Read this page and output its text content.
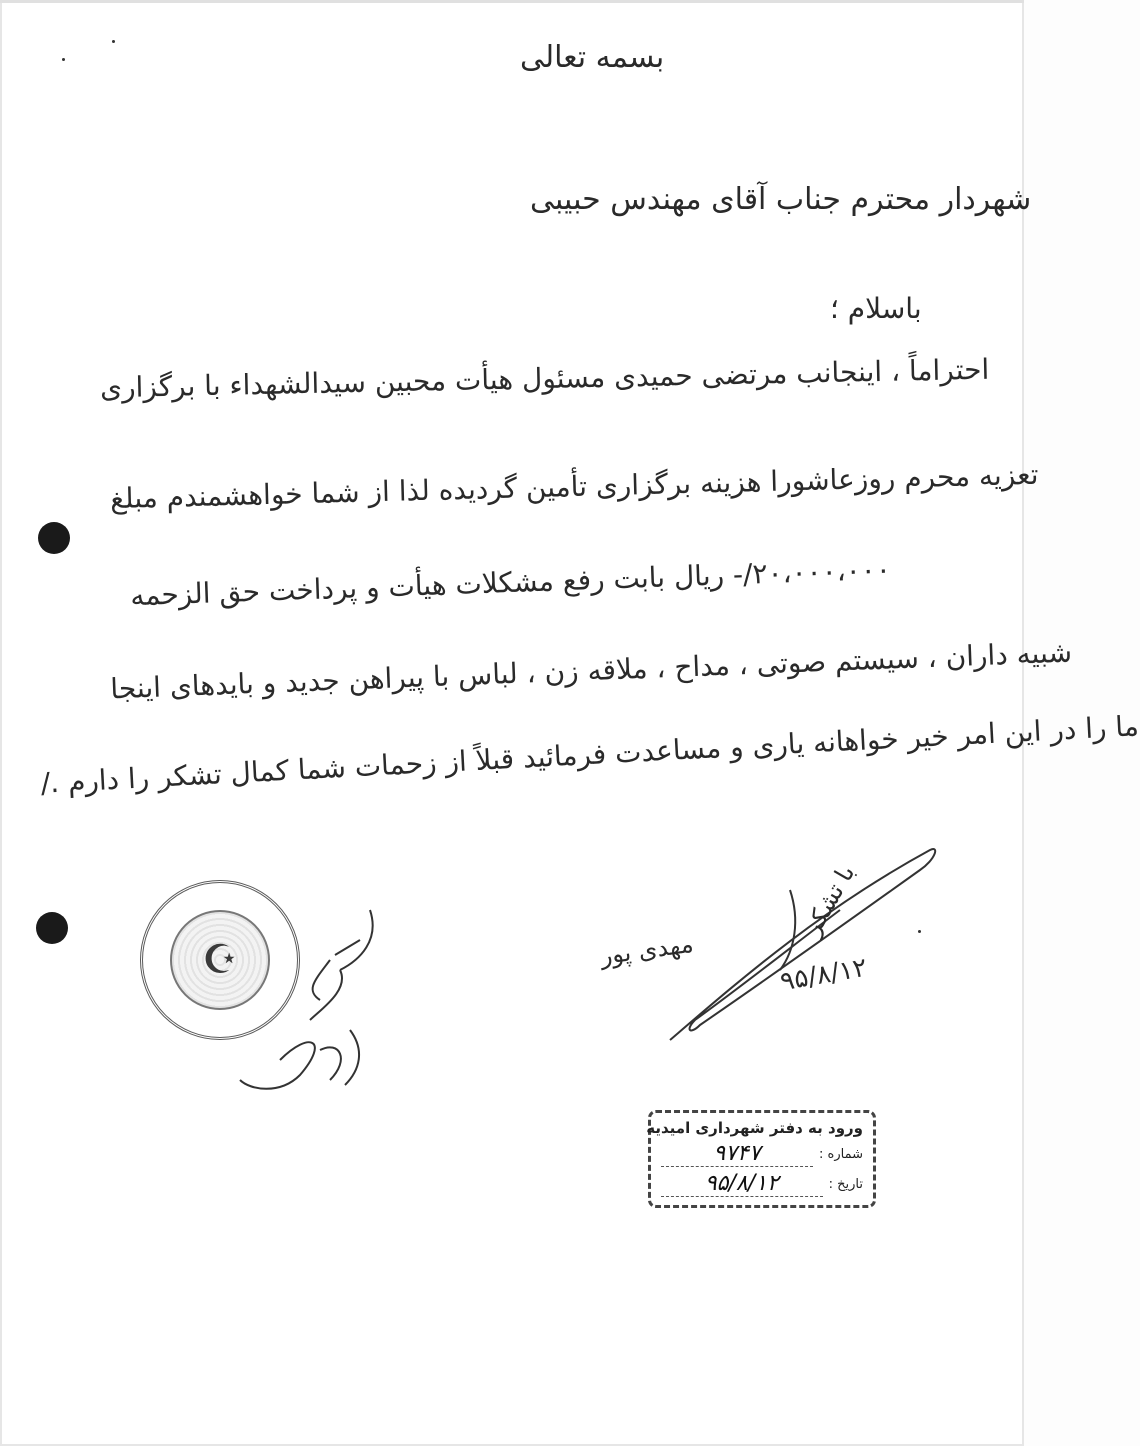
بسمه تعالی
شهردار محترم جناب آقای مهندس حبیبی
باسلام ؛
احتراماً ، اینجانب مرتضی حمیدی مسئول هیأت محبین سیدالشهداء با برگزاری
تعزیه محرم روزعاشورا هزینه برگزاری تأمین گردیده لذا از شما خواهشمندم مبلغ
۲۰،۰۰۰،۰۰۰/- ریال بابت رفع مشکلات هیأت و پرداخت حق الزحمه
شبیه داران ، سیستم صوتی ، مداح ، ملاقه زن ، لباس با پیراهن جدید و بایدهای اینجا
ما را در این امر خیر خواهانه یاری و مساعدت فرمائید قبلاً از زحمات شما کمال تشکر را دارم ./
☪
با تشکر
مهدی پور
۹۵/۸/۱۲
ورود به دفتر شهرداری امیدیه
شماره :
۹۷۴۷
تاریخ :
۹۵/۸/۱۲
